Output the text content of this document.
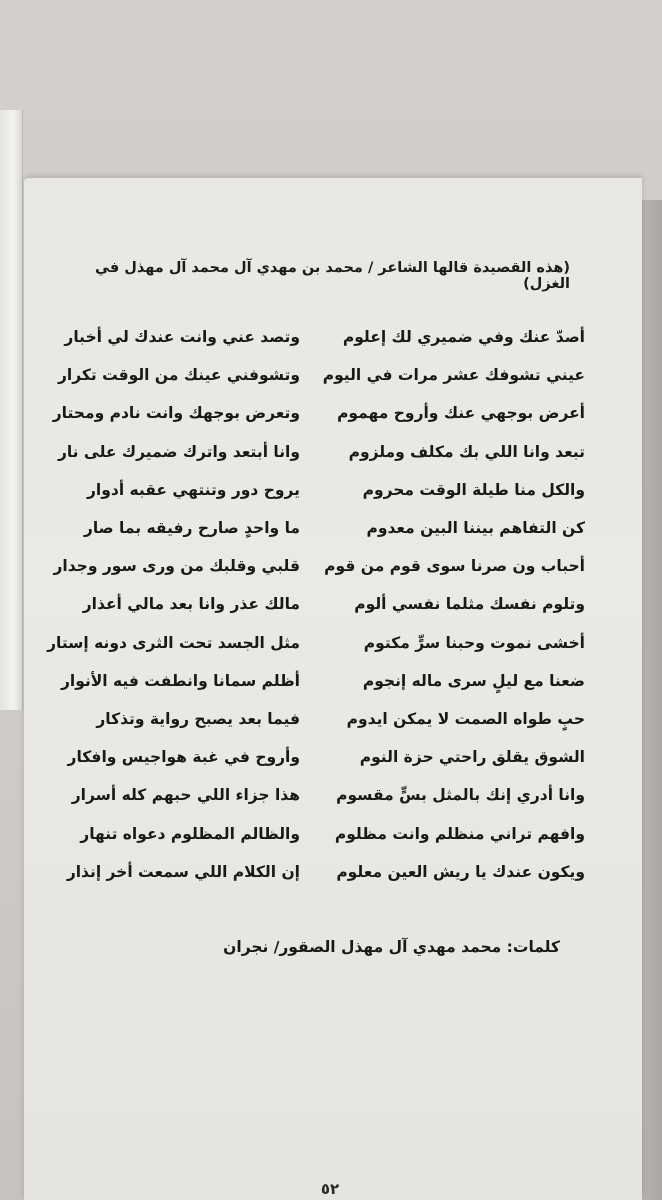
(هذه القصيدة قالها الشاعر / محمد بن مهدي آل محمد آل مهذل في الغزل)
أصدّ عنك وفي ضميري لك إعلوم
وتصد عني وانت عندك لي أخبار
عيني تشوفك عشر مرات في اليوم
وتشوفني عينك من الوقت تكرار
أعرض بوجهي عنك وأروح مهموم
وتعرض بوجهك وانت نادم ومحتار
تبعد وانا اللي بك مكلف وملزوم
وانا أبتعد واترك ضميرك على نار
والكل منا طيلة الوقت محروم
يروح دور وتنتهي عقبه أدوار
كن التفاهم بيننا البين معدوم
ما واحدٍ صارح رفيقه بما صار
أحباب ون صرنا سوى قوم من قوم
قلبي وقلبك من ورى سور وجدار
وتلوم نفسك مثلما نفسي ألوم
مالك عذر وانا بعد مالي أعذار
أخشى نموت وحبنا سرٍّ مكتوم
مثل الجسد تحت الثرى دونه إستار
ضعنا مع ليلٍ سرى ماله إنجوم
أظلم سمانا وانطفت فيه الأنوار
حبٍ طواه الصمت لا يمكن ايدوم
فيما بعد يصبح رواية وتذكار
الشوق يقلق راحتي حزة النوم
وأروح في غبة هواجيس وافكار
وانا أدري إنك بالمثل بسٍّ مقسوم
هذا جزاء اللي حبهم كله أسرار
وافهم تراني منظلم وانت مظلوم
والظالم المظلوم دعواه تنهار
ويكون عندك يا ريش العين معلوم
إن الكلام اللي سمعت أخر إنذار
كلمات: محمد مهدي آل مهذل الصقور/ نجران
٥٢
